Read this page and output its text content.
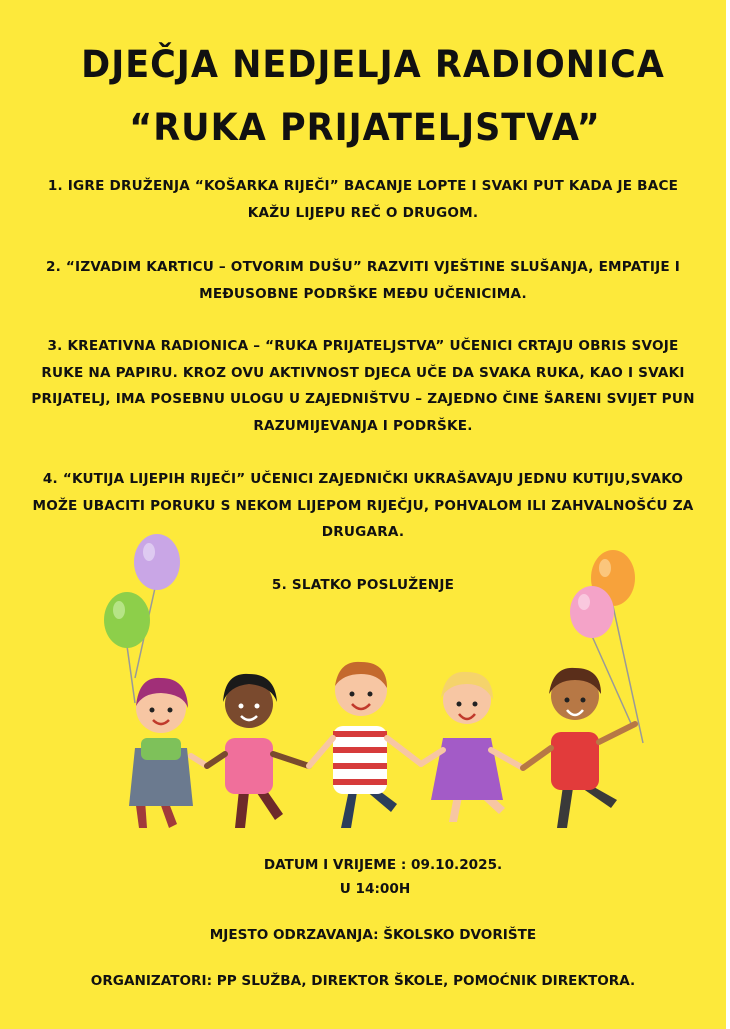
DJEČJA NEDJELJA RADIONICA
“RUKA PRIJATELJSTVA”
1. IGRE DRUŽENJA “KOŠARKA RIJEČI” BACANJE LOPTE I SVAKI PUT KADA JE BACE KAŽU LIJEPU REČ O DRUGOM.
2. “IZVADIM KARTICU – OTVORIM DUŠU” RAZVITI VJEŠTINE SLUŠANJA, EMPATIJE I MEĐUSOBNE PODRŠKE MEĐU UČENICIMA.
3. KREATIVNA RADIONICA – “RUKA PRIJATELJSTVA” UČENICI CRTAJU OBRIS SVOJE RUKE NA PAPIRU. KROZ OVU AKTIVNOST DJECA UČE DA SVAKA RUKA, KAO I SVAKI PRIJATELJ, IMA POSEBNU ULOGU U ZAJEDNIŠTVU – ZAJEDNO ČINE ŠARENI SVIJET PUN RAZUMIJEVANJA I PODRŠKE.
4. “KUTIJA LIJEPIH RIJEČI” UČENICI ZAJEDNIČKI UKRAŠAVAJU JEDNU KUTIJU,SVAKO MOŽE UBACITI PORUKU S NEKOM LIJEPOM RIJEČJU, POHVALOM ILI ZAHVALNOŠĆU ZA DRUGARA.
5. SLATKO POSLUŽENJE
DATUM I VRIJEME : 09.10.2025.
U 14:00H
MJESTO ODRZAVANJA: ŠKOLSKO DVORIŠTE
ORGANIZATORI: PP SLUŽBA, DIREKTOR ŠKOLE, POMOĆNIK DIREKTORA.
